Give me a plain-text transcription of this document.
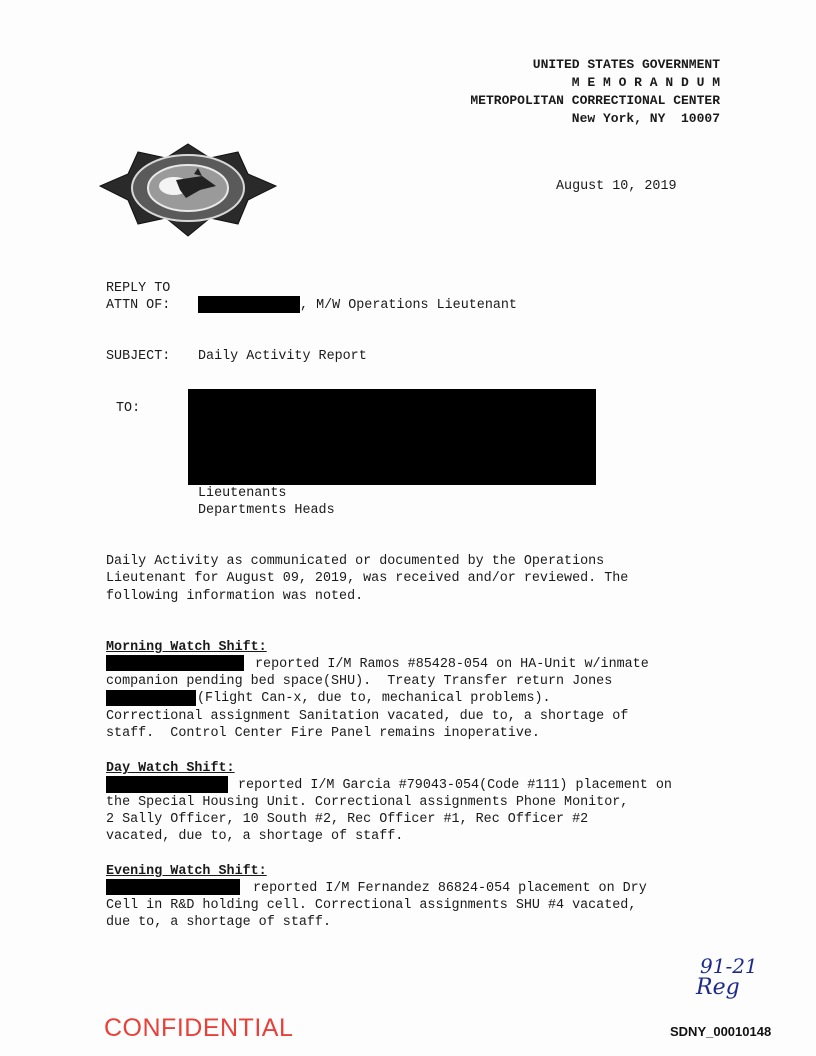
UNITED STATES GOVERNMENT
M E M O R A N D U M
METROPOLITAN CORRECTIONAL CENTER
New York, NY  10007
August 10, 2019
REPLY TO
ATTN OF:	, M/W Operations Lieutenant
SUBJECT: Daily Activity Report
TO:
Lieutenants
Departments Heads
Daily Activity as communicated or documented by the Operations
Lieutenant for August 09, 2019, was received and/or reviewed. The
following information was noted.
Morning Watch Shift:
reported I/M Ramos #85428-054 on HA-Unit w/inmate
companion pending bed space(SHU).  Treaty Transfer return Jones
(Flight Can-x, due to, mechanical problems).
Correctional assignment Sanitation vacated, due to, a shortage of
staff.  Control Center Fire Panel remains inoperative.
Day Watch Shift:
reported I/M Garcia #79043-054(Code #111) placement on
the Special Housing Unit. Correctional assignments Phone Monitor,
2 Sally Officer, 10 South #2, Rec Officer #1, Rec Officer #2
vacated, due to, a shortage of staff.
Evening Watch Shift:
reported I/M Fernandez 86824-054 placement on Dry
Cell in R&D holding cell. Correctional assignments SHU #4 vacated,
due to, a shortage of staff.
91-21
Reg
CONFIDENTIAL	SDNY_00010148
